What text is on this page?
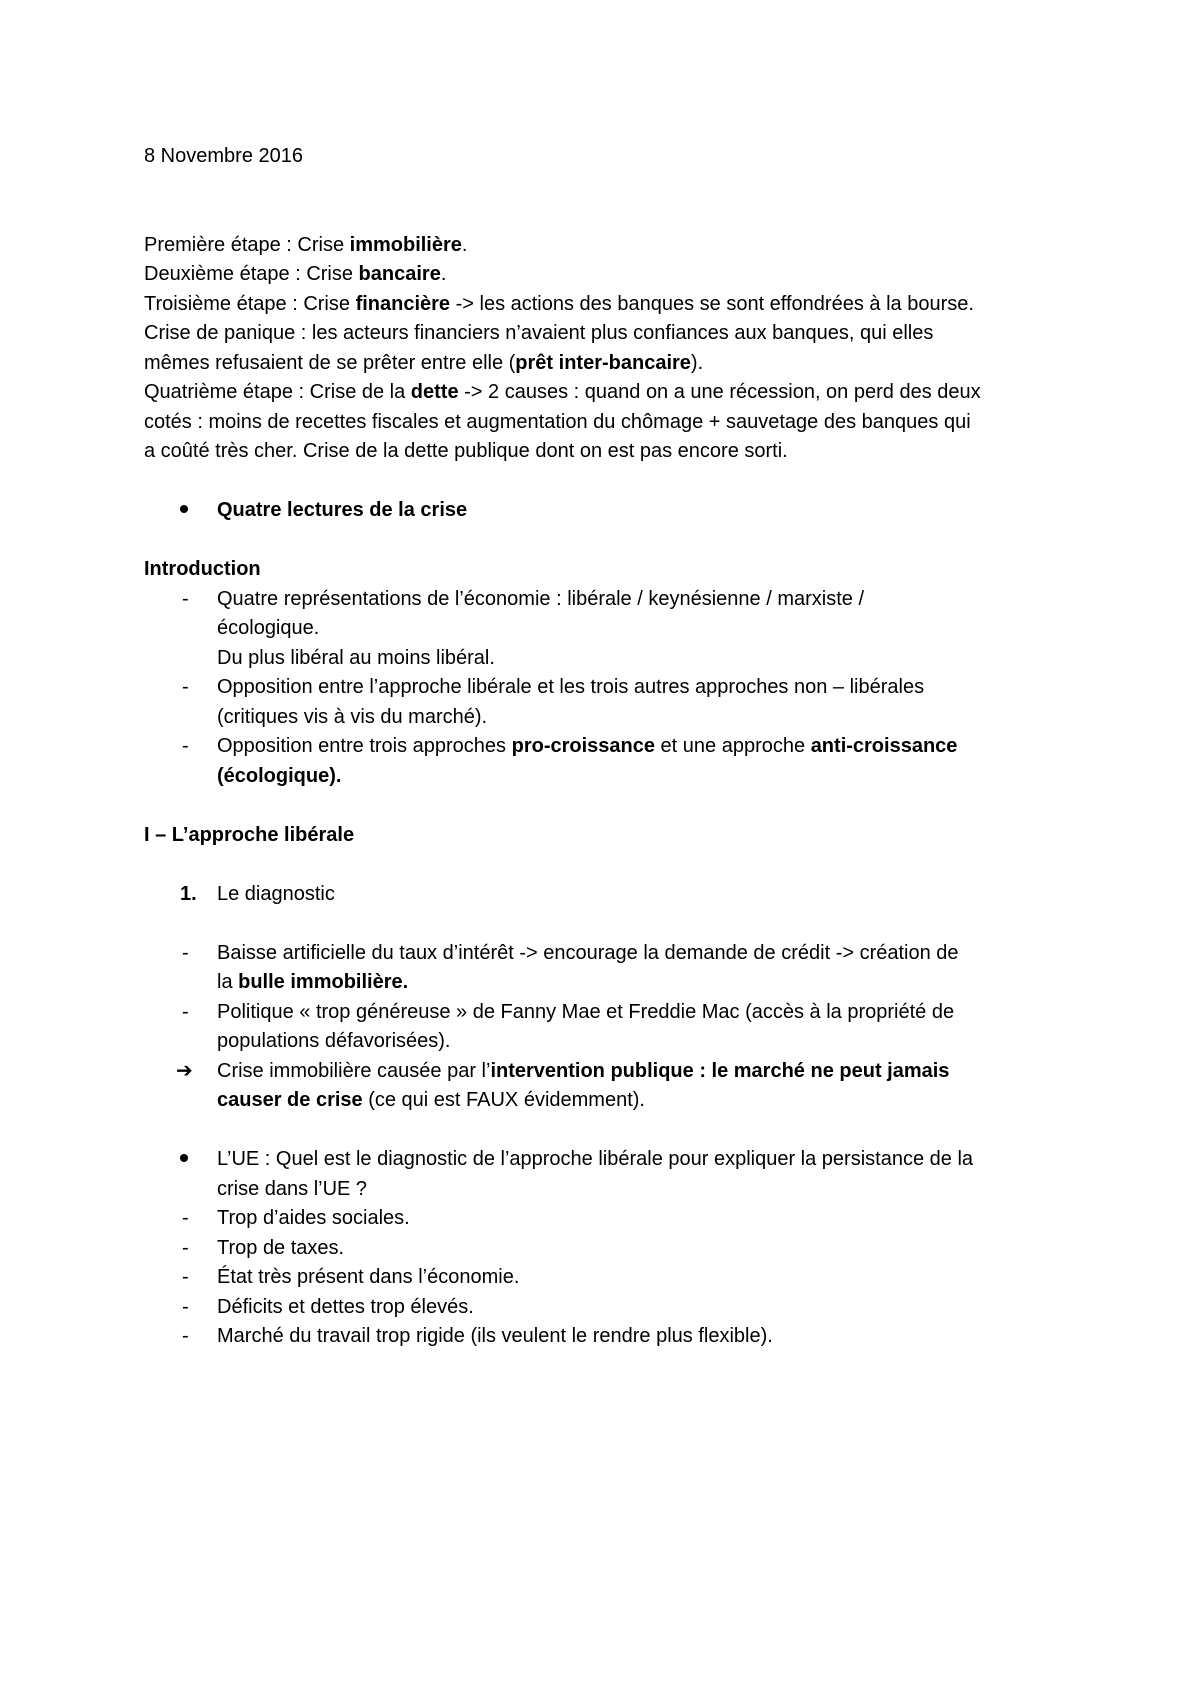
8 Novembre 2016

Première étape : Crise immobilière.

Deuxième étape : Crise bancaire.

Troisième étape : Crise financière -> les actions des banques se sont effondrées à la bourse.

Crise de panique : les acteurs financiers n’avaient plus confiances aux banques, qui elles

mêmes refusaient de se prêter entre elle (prêt inter-bancaire).

Quatrième étape : Crise de la dette -> 2 causes : quand on a une récession, on perd des deux

cotés : moins de recettes fiscales et augmentation du chômage + sauvetage des banques qui

a coûté très cher. Crise de la dette publique dont on est pas encore sorti.

Quatre lectures de la crise

Introduction

- Quatre représentations de l’économie : libérale / keynésienne / marxiste /

écologique.

Du plus libéral au moins libéral.

- Opposition entre l’approche libérale et les trois autres approches non – libérales

(critiques vis à vis du marché).

- Opposition entre trois approches pro-croissance et une approche anti-croissance

(écologique).

I – L’approche libérale

1. Le diagnostic

- Baisse artificielle du taux d’intérêt -> encourage la demande de crédit -> création de

la bulle immobilière.

- Politique « trop généreuse » de Fanny Mae et Freddie Mac (accès à la propriété de

populations défavorisées).

➔ Crise immobilière causée par l’intervention publique : le marché ne peut jamais

causer de crise (ce qui est FAUX évidemment).

L’UE : Quel est le diagnostic de l’approche libérale pour expliquer la persistance de la

crise dans l’UE ?

- Trop d’aides sociales.

- Trop de taxes.

- État très présent dans l’économie.

- Déficits et dettes trop élevés.

- Marché du travail trop rigide (ils veulent le rendre plus flexible).
